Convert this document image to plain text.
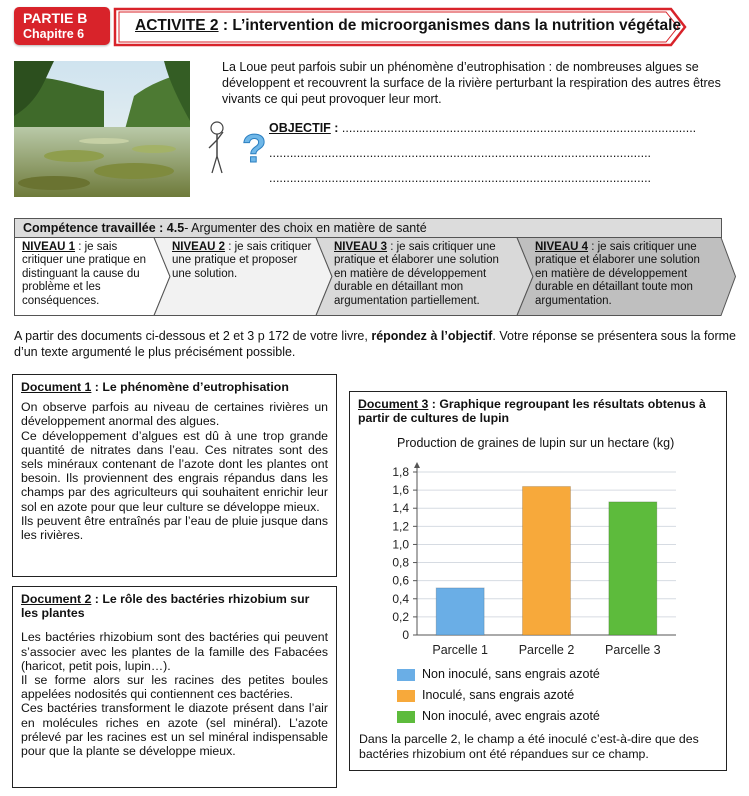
PARTIE B
Chapitre 6	ACTIVITE 2 : L’intervention de microorganismes dans la nutrition végétale
La Loue peut parfois subir un phénomène d’eutrophisation : de nombreuses algues se développent et recouvrent la surface de la rivière perturbant la respiration des autres êtres vivants ce qui peut provoquer leur mort.
? OBJECTIF : ......................................................................................................
..............................................................................................................
..............................................................................................................
Compétence travaillée : 4.5- Argumenter des choix en matière de santé
NIVEAU 1 : je sais critiquer une pratique en distinguant la cause du problème et les conséquences.
NIVEAU 2 : je sais critiquer une pratique et proposer une solution.
NIVEAU 3 : je sais critiquer une pratique et élaborer une solution en matière de développement durable en détaillant mon argumentation partiellement.
NIVEAU 4 : je sais critiquer une pratique et élaborer une solution en matière de développement durable en détaillant toute mon argumentation.
A partir des documents ci-dessous et 2 et 3 p 172 de votre livre, répondez à l’objectif. Votre réponse se présentera sous la forme d’un texte argumenté le plus précisément possible.
Document 1 : Le phénomène d’eutrophisation

On observe parfois au niveau de certaines rivières un développement anormal des algues.

Ce développement d’algues est dû à une trop grande quantité de nitrates dans l’eau. Ces nitrates sont des sels minéraux contenant de l’azote dont les plantes ont besoin. Ils proviennent des engrais répandus dans les champs par des agriculteurs qui souhaitent enrichir leur sol en azote pour que leur culture se développe mieux.

Ils peuvent être entraînés par l’eau de pluie jusque dans les rivières.

Document 2 : Le rôle des bactéries rhizobium sur les plantes

Les bactéries rhizobium sont des bactéries qui peuvent s’associer avec les plantes de la famille des Fabacées (haricot, petit pois, lupin…).

Il se forme alors sur les racines des petites boules appelées nodosités qui contiennent ces bactéries.

Ces bactéries transforment le diazote présent dans l’air en molécules riches en azote (sel minéral). L’azote prélevé par les racines est un sel minéral indispensable pour que la plante se développe mieux.

Document 3 : Graphique regroupant les résultats obtenus à partir de cultures de lupin
Production de graines de lupin sur un hectare (kg)
0
0,2
0,4
0,6
0,8
1,0
1,2
1,4
1,6
1,8
Parcelle 1 Parcelle 2 Parcelle 3
Non inoculé, sans engrais azoté
Inoculé, sans engrais azoté
Non inoculé, avec engrais azoté
Dans la parcelle 2, le champ a été inoculé c’est-à-dire que des bactéries rhizobium ont été répandues sur ce champ.
